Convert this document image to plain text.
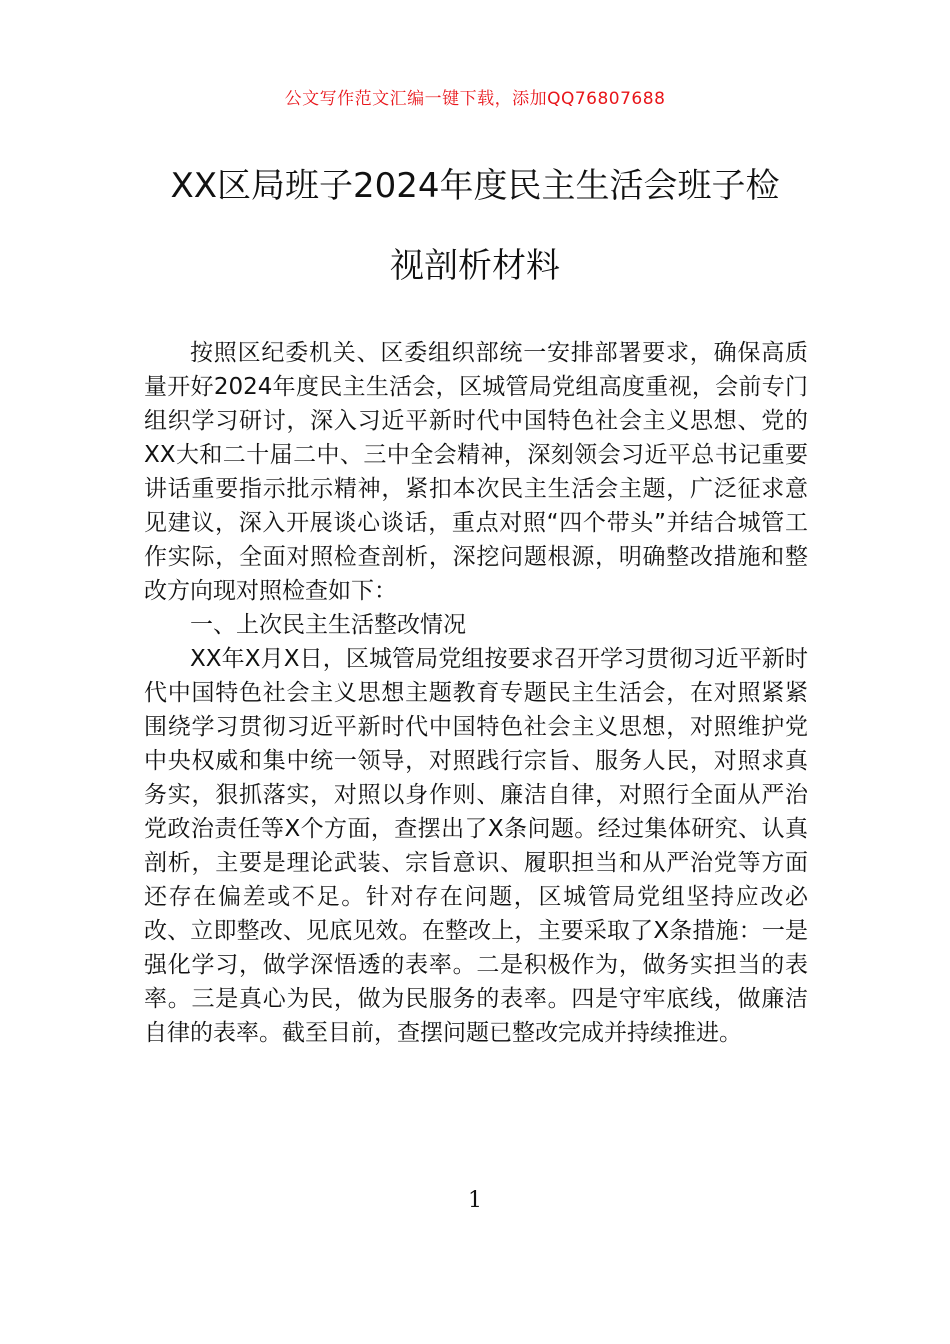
公文写作范文汇编一键下载，添加QQ76807688
XX区局班子2024年度民主生活会班子检
视剖析材料

按照区纪委机关、区委组织部统一安排部署要求，确保高质量开好2024年度民主生活会，区城管局党组高度重视，会前专门组织学习研讨，深入习近平新时代中国特色社会主义思想、党的XX大和二十届二中、三中全会精神，深刻领会习近平总书记重要讲话重要指示批示精神，紧扣本次民主生活会主题，广泛征求意见建议，深入开展谈心谈话，重点对照“四个带头”并结合城管工作实际，全面对照检查剖析，深挖问题根源，明确整改措施和整改方向现对照检查如下：

一、上次民主生活整改情况

XX年X月X日，区城管局党组按要求召开学习贯彻习近平新时代中国特色社会主义思想主题教育专题民主生活会，在对照紧紧围绕学习贯彻习近平新时代中国特色社会主义思想，对照维护党中央权威和集中统一领导，对照践行宗旨、服务人民，对照求真务实，狠抓落实，对照以身作则、廉洁自律，对照行全面从严治党政治责任等X个方面，查摆出了X条问题。经过集体研究、认真剖析，主要是理论武装、宗旨意识、履职担当和从严治党等方面还存在偏差或不足。针对存在问题，区城管局党组坚持应改必改、立即整改、见底见效。在整改上，主要采取了X条措施：一是强化学习，做学深悟透的表率。二是积极作为，做务实担当的表率。三是真心为民，做为民服务的表率。四是守牢底线，做廉洁自律的表率。截至目前，查摆问题已整改完成并持续推进。

1
